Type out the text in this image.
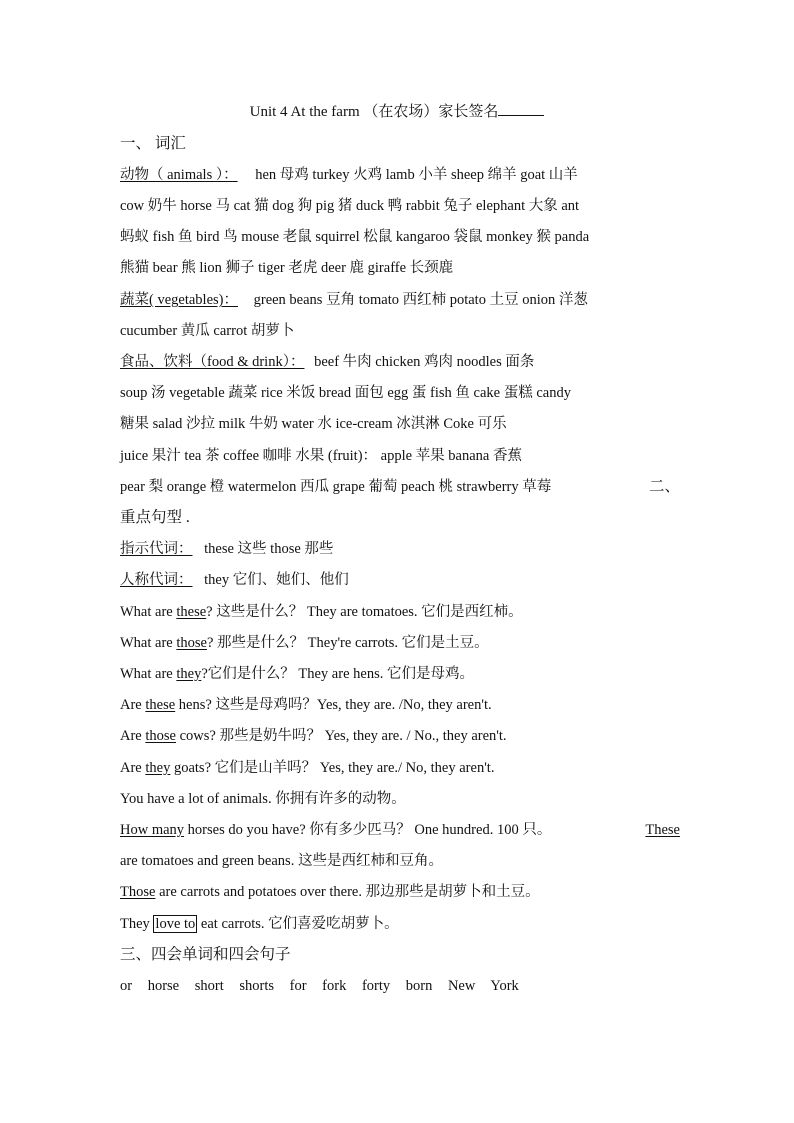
Unit 4 At the farm （在农场）家长签名
一、 词汇
动物（ animals ）： hen 母鸡 turkey 火鸡 lamb 小羊 sheep 绵羊 goat 山羊
cow 奶牛 horse 马 cat 猫 dog 狗 pig 猪 duck 鸭 rabbit 兔子 elephant 大象 ant
蚂蚁 fish 鱼 bird 鸟 mouse 老鼠 squirrel 松鼠 kangaroo 袋鼠 monkey 猴 panda
熊猫 bear 熊 lion 狮子 tiger 老虎 deer 鹿 giraffe 长颈鹿
蔬菜( vegetables)： green beans 豆角 tomato 西红柿 potato 土豆 onion 洋葱
cucumber 黄瓜 carrot 胡萝卜
食品、饮料（food & drink）： beef 牛肉 chicken 鸡肉 noodles 面条
soup 汤 vegetable 蔬菜 rice 米饭 bread 面包 egg 蛋 fish 鱼 cake 蛋糕 candy
糖果 salad 沙拉 milk 牛奶 water 水 ice-cream 冰淇淋 Coke 可乐
juice 果汁 tea 茶 coffee 咖啡 水果 (fruit)： apple 苹果 banana 香蕉
pear 梨 orange 橙 watermelon 西瓜 grape 葡萄 peach 桃 strawberry 草莓	二、
重点句型 .
指示代词： these 这些 those 那些
人称代词： they 它们、她们、他们
What are these? 这些是什么？ They are tomatoes. 它们是西红柿。
What are those? 那些是什么？ They're carrots. 它们是土豆。
What are they?它们是什么？ They are hens. 它们是母鸡。
Are these hens? 这些是母鸡吗？Yes, they are. /No, they aren't.
Are those cows? 那些是奶牛吗？ Yes, they are. / No., they aren't.
Are they goats? 它们是山羊吗？ Yes, they are./ No, they aren't.
You have a lot of animals. 你拥有许多的动物。
How many horses do you have? 你有多少匹马？ One hundred. 100 只。	These
are tomatoes and green beans. 这些是西红柿和豆角。
Those are carrots and potatoes over there. 那边那些是胡萝卜和土豆。
They love to eat carrots. 它们喜爱吃胡萝卜。
三、四会单词和四会句子
or horse short shorts for fork forty born New York
